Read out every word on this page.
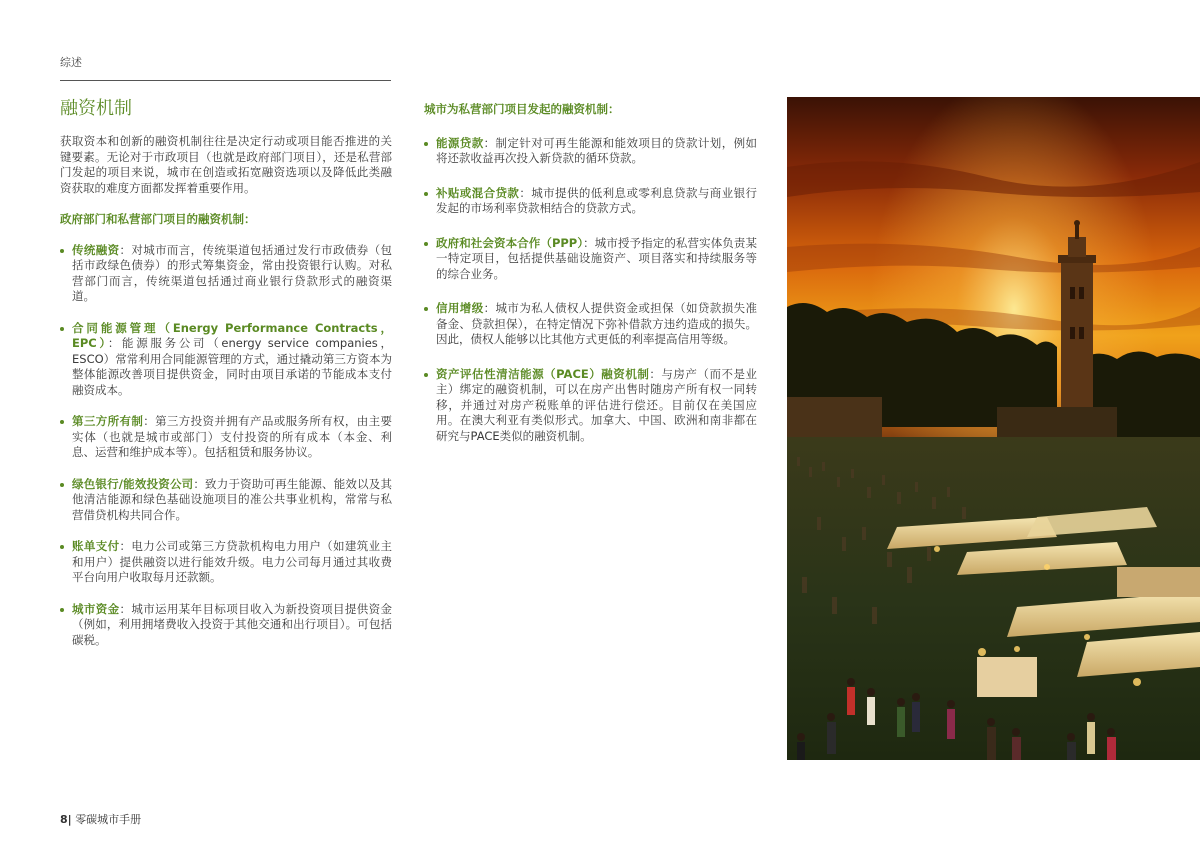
综述
融资机制

获取资本和创新的融资机制往往是决定行动或项目能否推进的关键要素。无论对于市政项目（也就是政府部门项目），还是私营部门发起的项目来说，城市在创造或拓宽融资选项以及降低此类融资获取的难度方面都发挥着重要作用。

政府部门和私营部门项目的融资机制：

传统融资：对城市而言，传统渠道包括通过发行市政债券（包括市政绿色债券）的形式筹集资金，常由投资银行认购。对私营部门而言，传统渠道包括通过商业银行贷款形式的融资渠道。
合同能源管理（Energy Performance Contracts，EPC）：能源服务公司（energy service companies，ESCO）常常利用合同能源管理的方式，通过撬动第三方资本为整体能源改善项目提供资金，同时由项目承诺的节能成本支付融资成本。
第三方所有制：第三方投资并拥有产品或服务所有权，由主要实体（也就是城市或部门）支付投资的所有成本（本金、利息、运营和维护成本等）。包括租赁和服务协议。
绿色银行/能效投资公司：致力于资助可再生能源、能效以及其他清洁能源和绿色基础设施项目的准公共事业机构，常常与私营借贷机构共同合作。
账单支付：电力公司或第三方贷款机构电力用户（如建筑业主和用户）提供融资以进行能效升级。电力公司每月通过其收费平台向用户收取每月还款额。
城市资金：城市运用某年目标项目收入为新投资项目提供资金（例如，利用拥堵费收入投资于其他交通和出行项目）。可包括碳税。

城市为私营部门项目发起的融资机制：

能源贷款：制定针对可再生能源和能效项目的贷款计划，例如将还款收益再次投入新贷款的循环贷款。
补贴或混合贷款：城市提供的低利息或零利息贷款与商业银行发起的市场利率贷款相结合的贷款方式。
政府和社会资本合作（PPP）：城市授予指定的私营实体负责某一特定项目，包括提供基础设施资产、项目落实和持续服务等的综合业务。
信用增级：城市为私人债权人提供资金或担保（如贷款损失准备金、贷款担保），在特定情况下弥补借款方违约造成的损失。因此，债权人能够以比其他方式更低的利率提高信用等级。
资产评估性清洁能源（PACE）融资机制：与房产（而不是业主）绑定的融资机制，可以在房产出售时随房产所有权一同转移，并通过对房产税账单的评估进行偿还。目前仅在美国应用。在澳大利亚有类似形式。加拿大、中国、欧洲和南非都在研究与PACE类似的融资机制。
8| 零碳城市手册
